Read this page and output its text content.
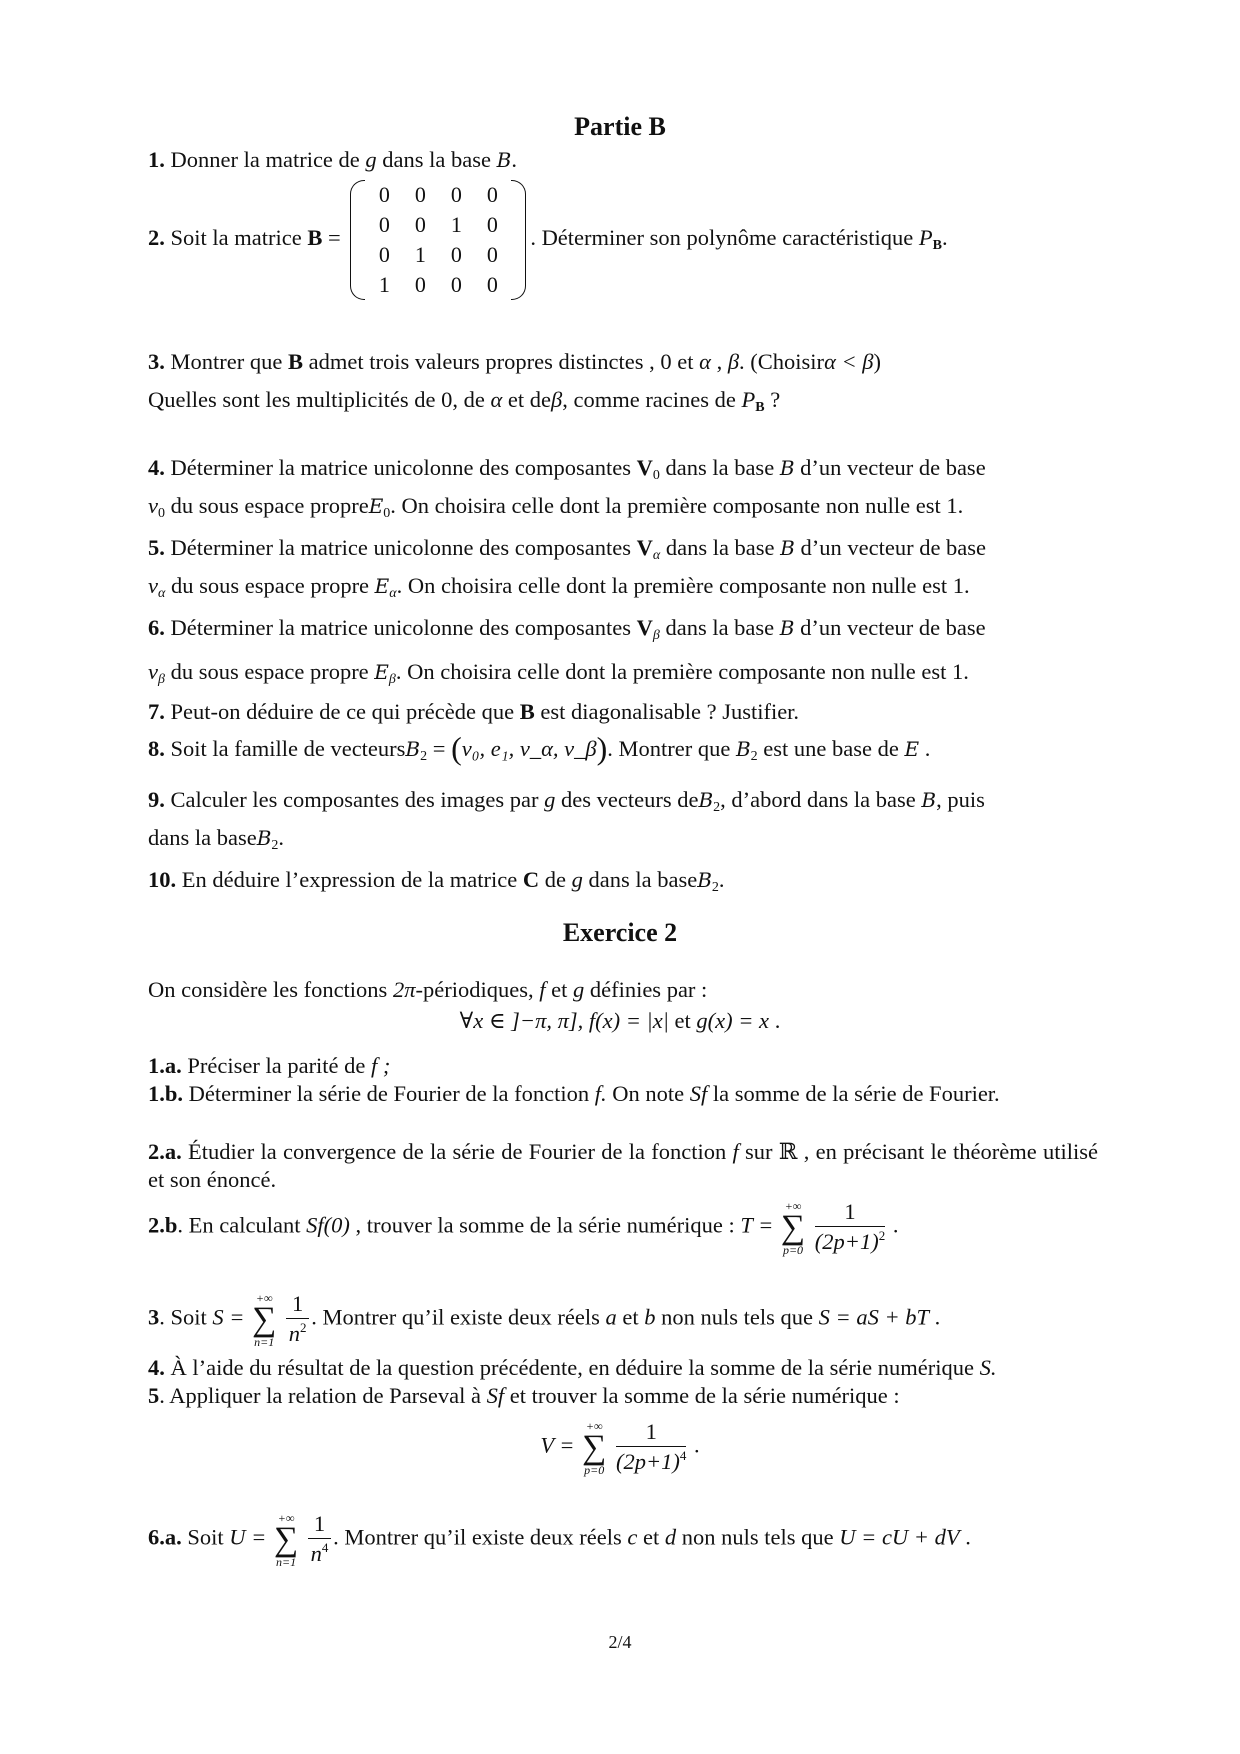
Partie B
1. Donner la matrice de g dans la base B.
2. Soit la matrice B =
0	0	0	0
0	0	1	0
0	1	0	0
1	0	0	0
. Déterminer son polynôme caractéristique $P_B$.
3. Montrer que B admet trois valeurs propres distinctes , 0 et α , β. (Choisirα < β)
Quelles sont les multiplicités de 0, de α et deβ, comme racines de $P_B$ ?
4. Déterminer la matrice unicolonne des composantes $V_0$ dans la base B d’un vecteur de base
$v_0$ du sous espace propreE$_0$. On choisira celle dont la première composante non nulle est 1.
5. Déterminer la matrice unicolonne des composantes $V_\alpha$ dans la base B d’un vecteur de base
$v_\alpha$ du sous espace propre $E_\alpha$. On choisira celle dont la première composante non nulle est 1.
6. Déterminer la matrice unicolonne des composantes $V_\beta$ dans la base B d’un vecteur de base
$v_\beta$ du sous espace propre $E_\beta$. On choisira celle dont la première composante non nulle est 1.
7. Peut-on déduire de ce qui précède que B est diagonalisable ? Justifier.
8. Soit la famille de vecteursB$_2$ = (v₀, e₁, v_α, v_β). Montrer que $B_2$ est une base de E .
9. Calculer les composantes des images par g des vecteurs deB$_2$, d’abord dans la base B, puis
dans la baseB$_2$.
10. En déduire l’expression de la matrice C de g dans la baseB$_2$.
Exercice 2
On considère les fonctions 2π-périodiques, f et g définies par :
∀x ∈ ]−π, π], f(x) = |x| et g(x) = x .
1.a. Préciser la parité de f ;
1.b. Déterminer la série de Fourier de la fonction f. On note Sf la somme de la série de Fourier.
2.a. Étudier la convergence de la série de Fourier de la fonction f sur ℝ , en précisant le théorème utilisé et son énoncé.
2.b. En calculant Sf(0) , trouver la somme de la série numérique : T = +∞
∑
$p=0 \frac{1}{(2p+1)^2}$ .
3. Soit S = +∞
∑
$n=1 \frac{1}{n^2}$ . Montrer qu’il existe deux réels a et b non nuls tels que S = aS + bT .
4. À l’aide du résultat de la question précédente, en déduire la somme de la série numérique S.
5. Appliquer la relation de Parseval à Sf et trouver la somme de la série numérique :
V = +∞
∑
$p=0 \frac{1}{(2p+1)^4}$ .
6.a. Soit U = +∞
∑
$n=1 \frac{1}{n^4}$ . Montrer qu’il existe deux réels c et d non nuls tels que U = cU + dV .
2/4
